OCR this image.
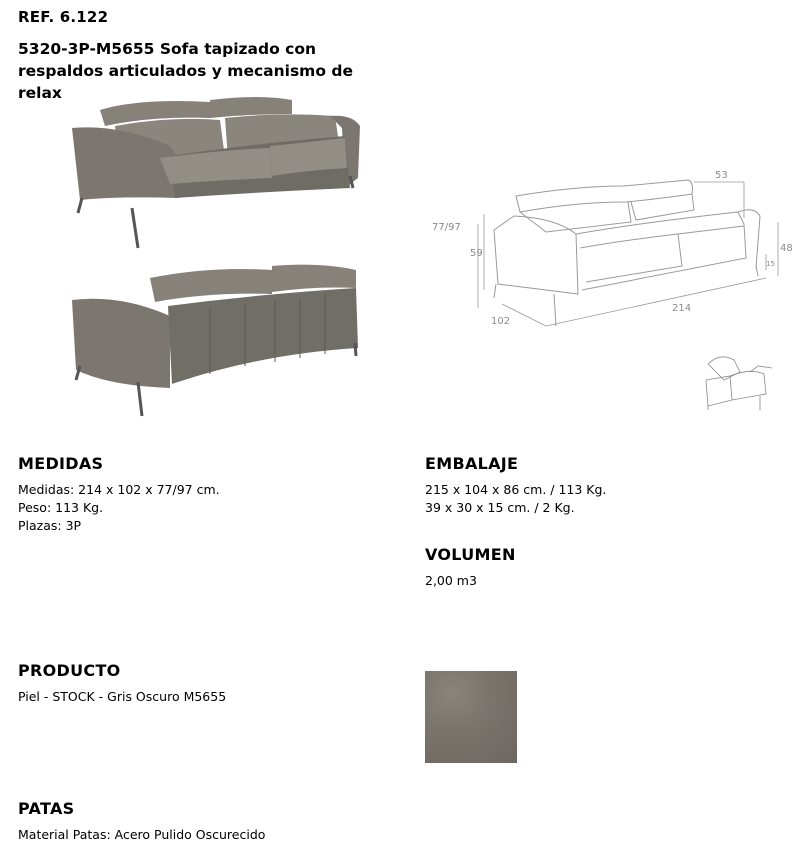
REF. 6.122
5320-3P-M5655 Sofa tapizado con respaldos articulados y mecanismo de relax
53
77/97
59	48
15
102
214
MEDIDAS
Medidas: 214 x 102 x 77/97 cm.
Peso: 113 Kg.
Plazas: 3P
EMBALAJE
215 x 104 x 86 cm. / 113 Kg.
39 x 30 x 15 cm. / 2 Kg.
VOLUMEN
2,00 m3
PRODUCTO
Piel - STOCK - Gris Oscuro M5655
PATAS
Material Patas: Acero Pulido Oscurecido
